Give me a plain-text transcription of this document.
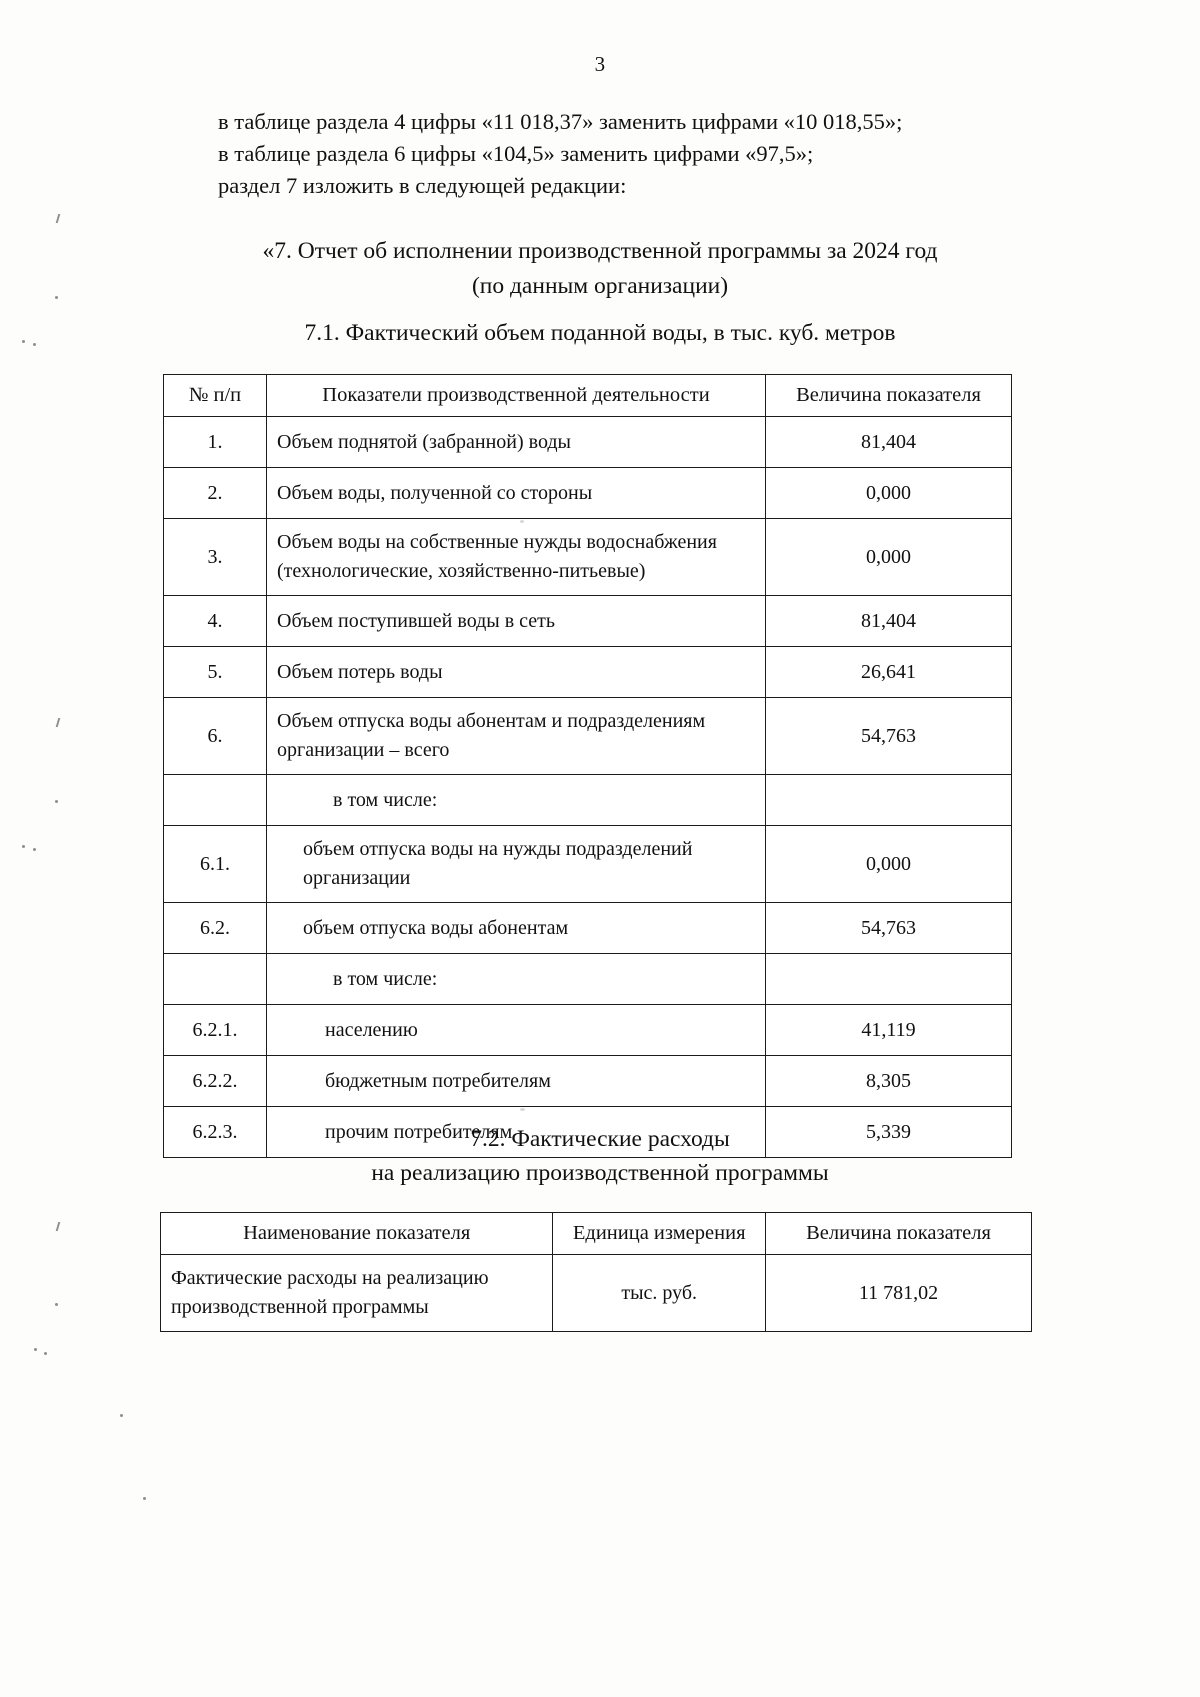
3
в таблице раздела 4 цифры «11 018,37» заменить цифрами «10 018,55»;
в таблице раздела 6 цифры «104,5» заменить цифрами «97,5»;
раздел 7 изложить в следующей редакции:
«7. Отчет об исполнении производственной программы за 2024 год
(по данным организации)
7.1. Фактический объем поданной воды, в тыс. куб. метров
№ п/п	Показатели производственной деятельности	Величина показателя
1.	Объем поднятой (забранной) воды	81,404
2.	Объем воды, полученной со стороны	0,000
3.	Объем воды на собственные нужды водоснабжения (технологические, хозяйственно-питьевые)	0,000
4.	Объем поступившей воды в сеть	81,404
5.	Объем потерь воды	26,641
6.	Объем отпуска воды абонентам и подразделениям организации – всего	54,763
	в том числе:	
6.1.	объем отпуска воды на нужды подразделений организации	0,000
6.2.	объем отпуска воды абонентам	54,763
	в том числе:	
6.2.1.	населению	41,119
6.2.2.	бюджетным потребителям	8,305
6.2.3.	прочим потребителям	5,339
7.2. Фактические расходы
на реализацию производственной программы
Наименование показателя	Единица измерения	Величина показателя
Фактические расходы на реализацию производственной программы	тыс. руб.	11 781,02
